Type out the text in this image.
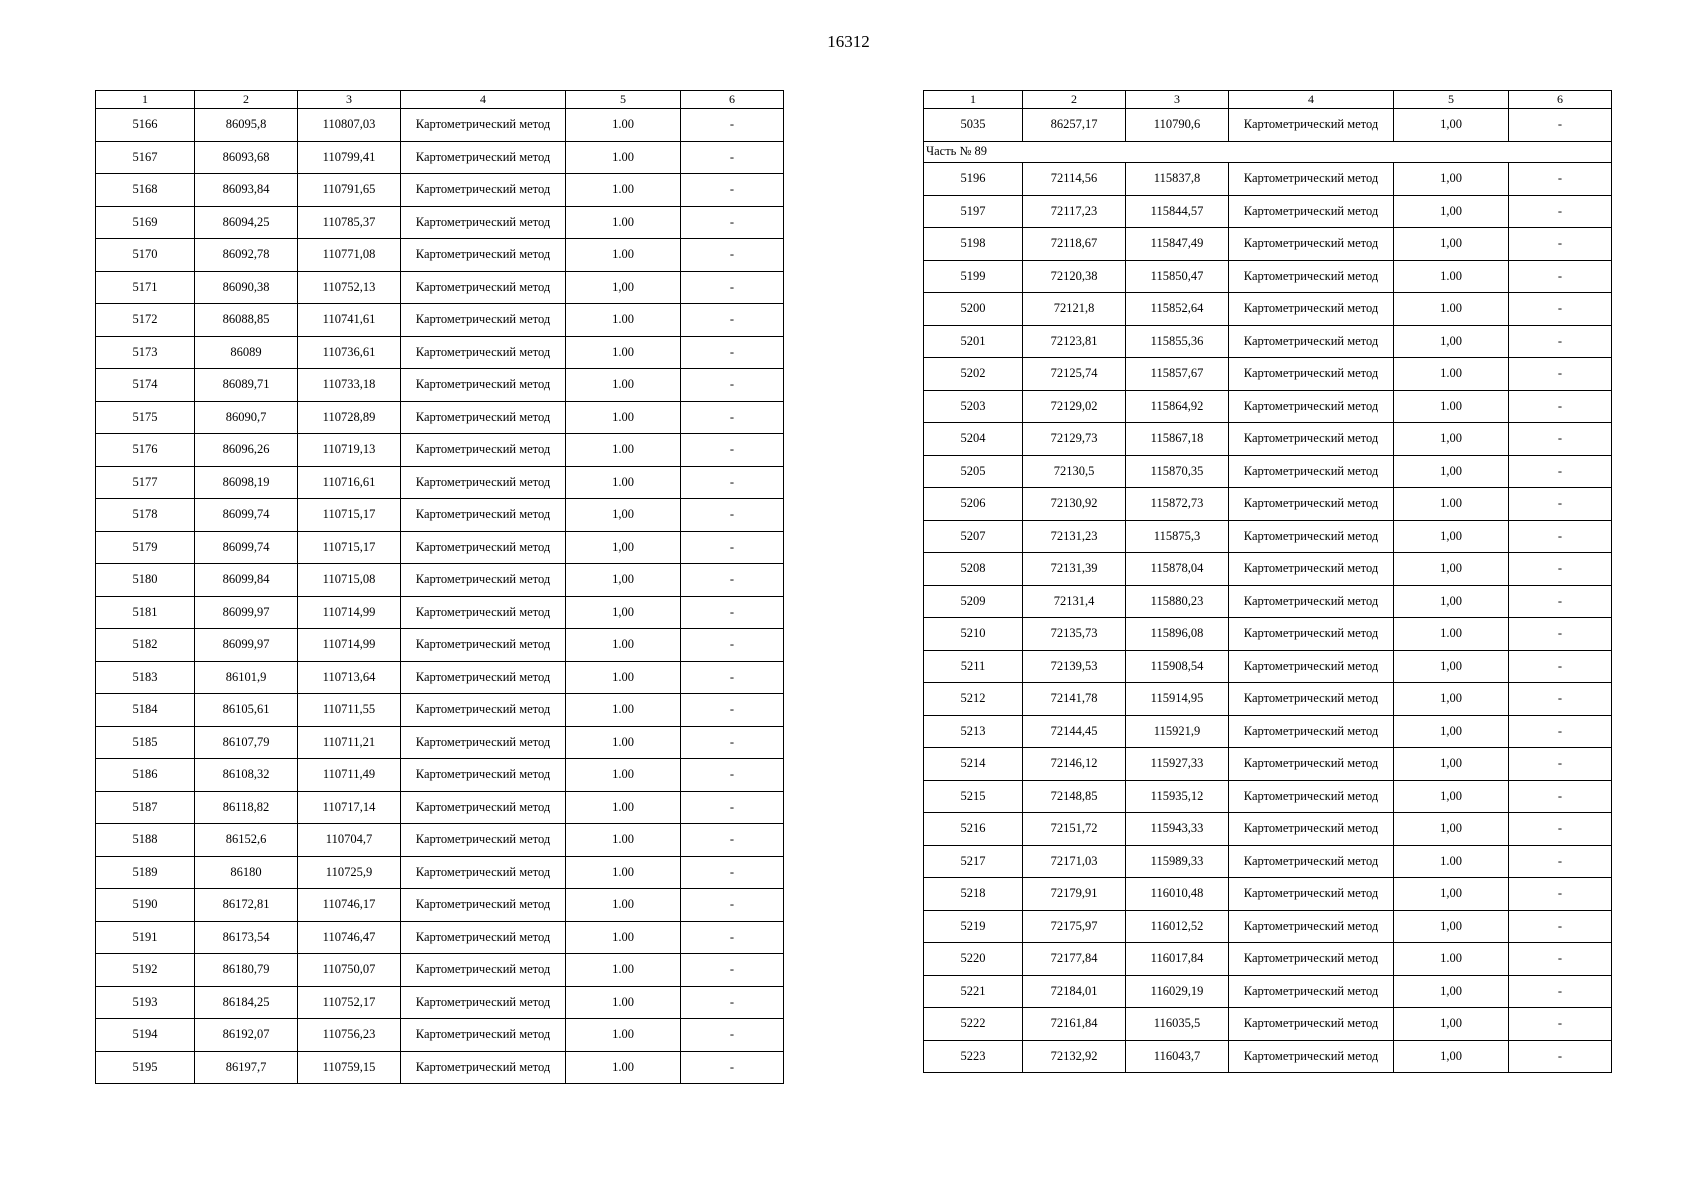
16312
1	2	3	4	5	6
5166	86095,8	110807,03	Картометрический метод	1.00	-
5167	86093,68	110799,41	Картометрический метод	1.00	-
5168	86093,84	110791,65	Картометрический метод	1.00	-
5169	86094,25	110785,37	Картометрический метод	1.00	-
5170	86092,78	110771,08	Картометрический метод	1.00	-
5171	86090,38	110752,13	Картометрический метод	1,00	-
5172	86088,85	110741,61	Картометрический метод	1.00	-
5173	86089	110736,61	Картометрический метод	1.00	-
5174	86089,71	110733,18	Картометрический метод	1.00	-
5175	86090,7	110728,89	Картометрический метод	1.00	-
5176	86096,26	110719,13	Картометрический метод	1.00	-
5177	86098,19	110716,61	Картометрический метод	1.00	-
5178	86099,74	110715,17	Картометрический метод	1,00	-
5179	86099,74	110715,17	Картометрический метод	1,00	-
5180	86099,84	110715,08	Картометрический метод	1,00	-
5181	86099,97	110714,99	Картометрический метод	1,00	-
5182	86099,97	110714,99	Картометрический метод	1.00	-
5183	86101,9	110713,64	Картометрический метод	1.00	-
5184	86105,61	110711,55	Картометрический метод	1.00	-
5185	86107,79	110711,21	Картометрический метод	1.00	-
5186	86108,32	110711,49	Картометрический метод	1.00	-
5187	86118,82	110717,14	Картометрический метод	1.00	-
5188	86152,6	110704,7	Картометрический метод	1.00	-
5189	86180	110725,9	Картометрический метод	1.00	-
5190	86172,81	110746,17	Картометрический метод	1.00	-
5191	86173,54	110746,47	Картометрический метод	1.00	-
5192	86180,79	110750,07	Картометрический метод	1.00	-
5193	86184,25	110752,17	Картометрический метод	1.00	-
5194	86192,07	110756,23	Картометрический метод	1.00	-
5195	86197,7	110759,15	Картометрический метод	1.00	-
1	2	3	4	5	6
5035	86257,17	110790,6	Картометрический метод	1,00	-
Часть № 89					
5196	72114,56	115837,8	Картометрический метод	1,00	-
5197	72117,23	115844,57	Картометрический метод	1,00	-
5198	72118,67	115847,49	Картометрический метод	1,00	-
5199	72120,38	115850,47	Картометрический метод	1.00	-
5200	72121,8	115852,64	Картометрический метод	1.00	-
5201	72123,81	115855,36	Картометрический метод	1,00	-
5202	72125,74	115857,67	Картометрический метод	1.00	-
5203	72129,02	115864,92	Картометрический метод	1.00	-
5204	72129,73	115867,18	Картометрический метод	1,00	-
5205	72130,5	115870,35	Картометрический метод	1,00	-
5206	72130,92	115872,73	Картометрический метод	1.00	-
5207	72131,23	115875,3	Картометрический метод	1,00	-
5208	72131,39	115878,04	Картометрический метод	1,00	-
5209	72131,4	115880,23	Картометрический метод	1,00	-
5210	72135,73	115896,08	Картометрический метод	1.00	-
5211	72139,53	115908,54	Картометрический метод	1,00	-
5212	72141,78	115914,95	Картометрический метод	1,00	-
5213	72144,45	115921,9	Картометрический метод	1,00	-
5214	72146,12	115927,33	Картометрический метод	1,00	-
5215	72148,85	115935,12	Картометрический метод	1,00	-
5216	72151,72	115943,33	Картометрический метод	1,00	-
5217	72171,03	115989,33	Картометрический метод	1.00	-
5218	72179,91	116010,48	Картометрический метод	1,00	-
5219	72175,97	116012,52	Картометрический метод	1,00	-
5220	72177,84	116017,84	Картометрический метод	1.00	-
5221	72184,01	116029,19	Картометрический метод	1,00	-
5222	72161,84	116035,5	Картометрический метод	1,00	-
5223	72132,92	116043,7	Картометрический метод	1,00	-
